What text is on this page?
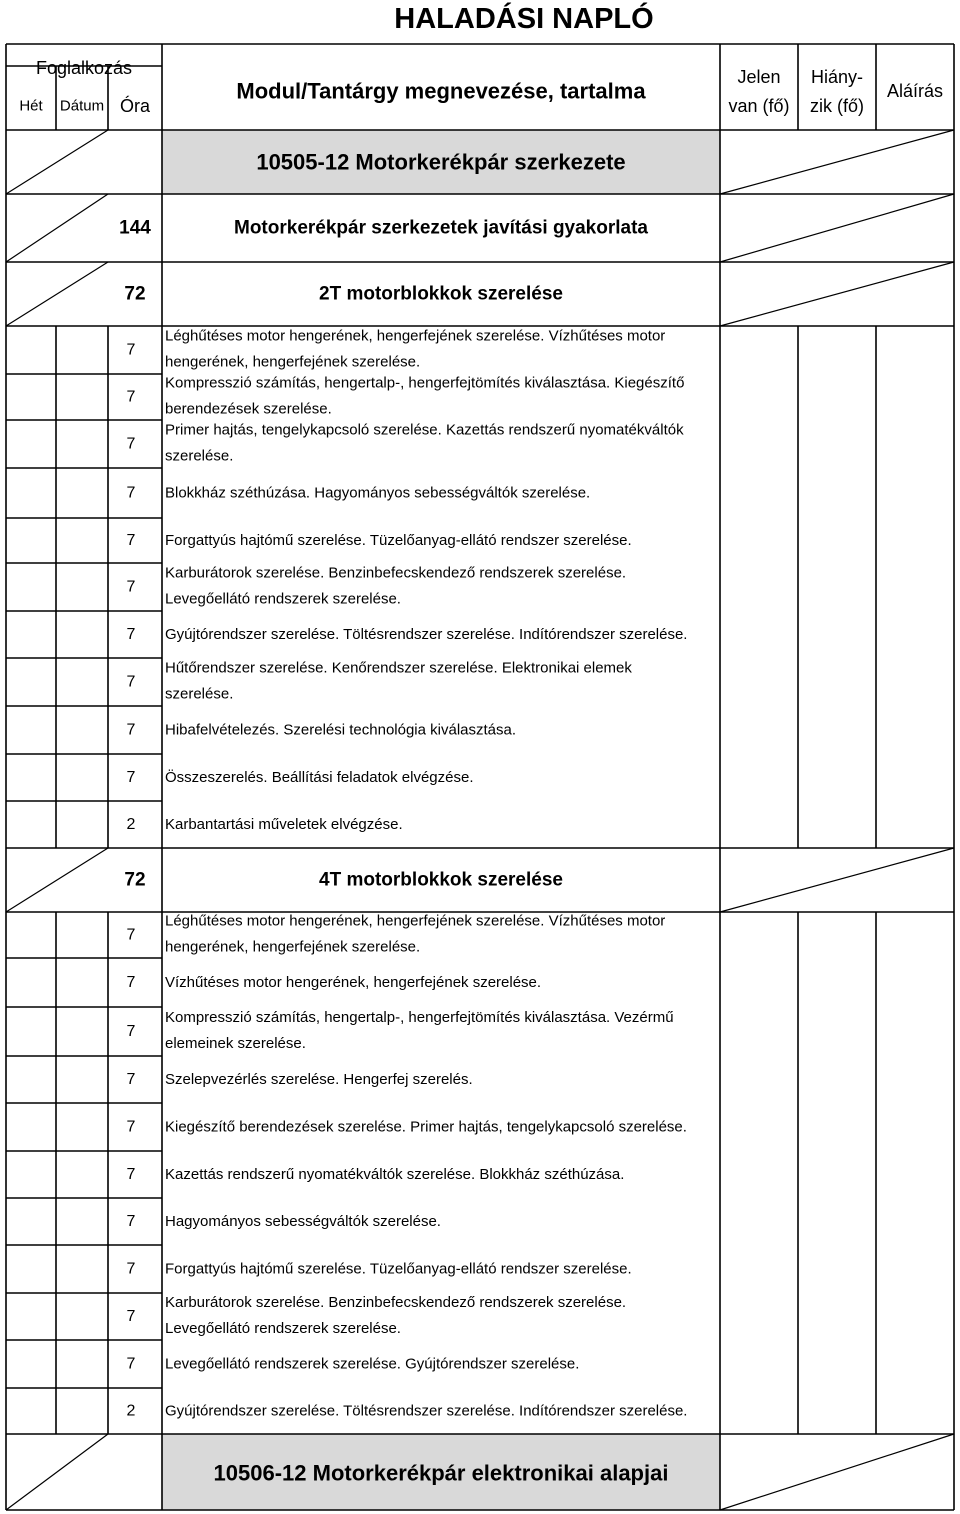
HALADÁSI NAPLÓ
Foglalkozás
Hét Dátum Óra
Modul/Tantárgy megnevezése, tartalma
Jelen
van (fő)
Hiány-
zik (fő)
Aláírás
10505-12 Motorkerékpár szerkezete
144	Motorkerékpár szerkezetek javítási gyakorlata
72	2T motorblokkok szerelése
7
Léghűtéses motor hengerének, hengerfejének szerelése. Vízhűtéses motor
hengerének, hengerfejének szerelése.
7
Kompresszió számítás, hengertalp-, hengerfejtömítés kiválasztása. Kiegészítő
berendezések szerelése.
7
Primer hajtás, tengelykapcsoló szerelése. Kazettás rendszerű nyomatékváltók
szerelése.
7 Blokkház széthúzása. Hagyományos sebességváltók szerelése.
7 Forgattyús hajtómű szerelése. Tüzelőanyag-ellátó rendszer szerelése.
7
Karburátorok szerelése. Benzinbefecskendező rendszerek szerelése.
Levegőellátó rendszerek szerelése.
7 Gyújtórendszer szerelése. Töltésrendszer szerelése. Indítórendszer szerelése.
7
Hűtőrendszer szerelése. Kenőrendszer szerelése. Elektronikai elemek
szerelése.
7 Hibafelvételezés. Szerelési technológia kiválasztása.
7 Összeszerelés. Beállítási feladatok elvégzése.
2 Karbantartási műveletek elvégzése.
72	4T motorblokkok szerelése
7
Léghűtéses motor hengerének, hengerfejének szerelése. Vízhűtéses motor
hengerének, hengerfejének szerelése.
7 Vízhűtéses motor hengerének, hengerfejének szerelése.
7
Kompresszió számítás, hengertalp-, hengerfejtömítés kiválasztása. Vezérmű
elemeinek szerelése.
7 Szelepvezérlés szerelése. Hengerfej szerelés.
7 Kiegészítő berendezések szerelése. Primer hajtás, tengelykapcsoló szerelése.
7 Kazettás rendszerű nyomatékváltók szerelése. Blokkház széthúzása.
7 Hagyományos sebességváltók szerelése.
7 Forgattyús hajtómű szerelése. Tüzelőanyag-ellátó rendszer szerelése.
7
Karburátorok szerelése. Benzinbefecskendező rendszerek szerelése.
Levegőellátó rendszerek szerelése.
7 Levegőellátó rendszerek szerelése. Gyújtórendszer szerelése.
2 Gyújtórendszer szerelése. Töltésrendszer szerelése. Indítórendszer szerelése.
10506-12 Motorkerékpár elektronikai alapjai
